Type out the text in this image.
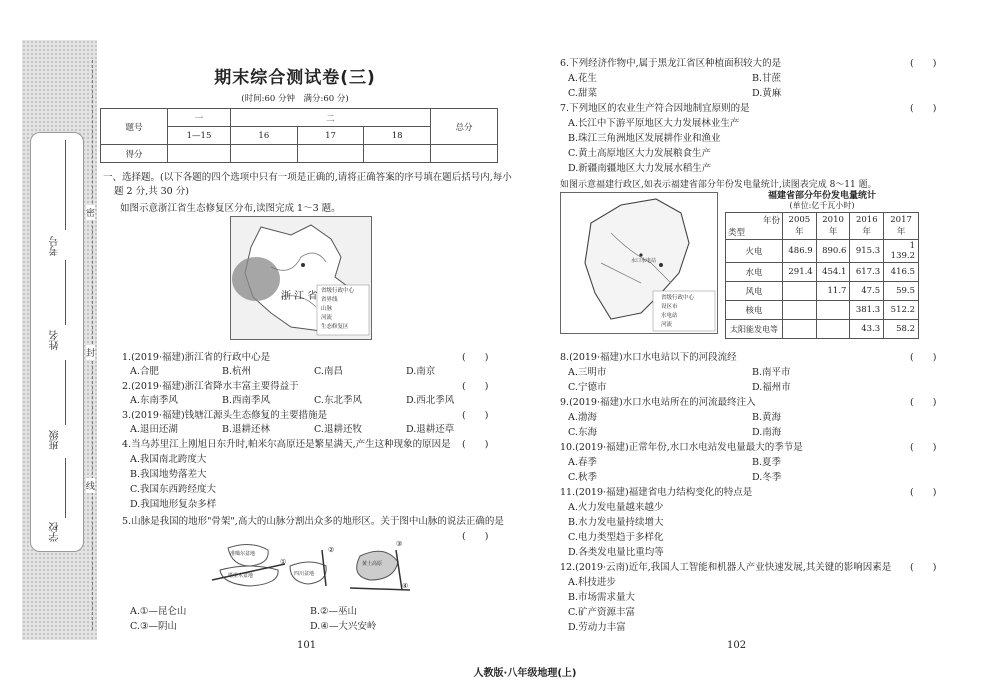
考号
姓名
班级
学校
密
封
线
期末综合测试卷(三)
(时间:60 分钟　满分:60 分)
题号	一	二			总分
	1—15	16	17	18	
得分					
一、选择题。(以下各题的四个选项中只有一项是正确的,请将正确答案的序号填在题后括号内,每小
题 2 分,共 30 分)
如图示意浙江省生态修复区分布,读图完成 1～3 题。
浙 江 省 省级行政中心
省界线
山脉
河流
生态修复区
1.(2019·福建)浙江省的行政中心是	(　　)
A.合肥	B.杭州	C.南昌	D.南京
2.(2019·福建)浙江省降水丰富主要得益于	(　　)
A.东南季风	B.西南季风	C.东北季风	D.西北季风
3.(2019·福建)钱塘江源头生态修复的主要措施是	(　　)
A.退田还湖	B.退耕还林	C.退耕还牧	D.退耕还草
4.当乌苏里江上刚旭日东升时,帕米尔高原还是繁星满天,产生这种现象的原因是 (　　)
A.我国南北跨度大
B.我国地势落差大
C.我国东西跨经度大
D.我国地形复杂多样
5.山脉是我国的地形"骨架",高大的山脉分割出众多的地形区。关于图中山脉的说法正确的是
(　　)
准噶尔盆地
塔里木盆地	四川盆地
黄土高原
①
②
③
④
A.①—昆仑山	B.②—巫山
C.③—阴山	D.④—大兴安岭
6.下列经济作物中,属于黑龙江省区种植面积较大的是	(　　)
A.花生	B.甘蔗
C.甜菜	D.黄麻
7.下列地区的农业生产符合因地制宜原则的是	(　　)
A.长江中下游平原地区大力发展林业生产
B.珠江三角洲地区发展耕作业和渔业
C.黄土高原地区大力发展粮食生产
D.新疆南疆地区大力发展水稻生产
如图示意福建行政区,如表示福建省部分年份发电量统计,读图表完成 8～11 题。
水口水电站
省级行政中心
设区市
水电站
河流
福建省部分年份发电量统计
(单位:亿千瓦小时)
年份
类型	2005 年	2010 年	2016 年	2017 年
火电	486.9	890.6	915.3	1 139.2
水电	291.4	454.1	617.3	416.5
风电		11.7	47.5	59.5
核电			381.3	512.2
太阳能发电等			43.3	58.2
8.(2019·福建)水口水电站以下的河段流经	(　　)
A.三明市	B.南平市
C.宁德市	D.福州市
9.(2019·福建)水口水电站所在的河流最终注入	(　　)
A.渤海	B.黄海
C.东海	D.南海
10.(2019·福建)正常年份,水口水电站发电量最大的季节是	(　　)
A.春季	B.夏季
C.秋季	D.冬季
11.(2019·福建)福建省电力结构变化的特点是	(　　)
A.火力发电量越来越少
B.水力发电量持续增大
C.电力类型趋于多样化
D.各类发电量比重均等
12.(2019·云南)近年,我国人工智能和机器人产业快速发展,其关键的影响因素是 (　　)
A.科技进步
B.市场需求量大
C.矿产资源丰富
D.劳动力丰富
101	102
人教版·八年级地理(上)
